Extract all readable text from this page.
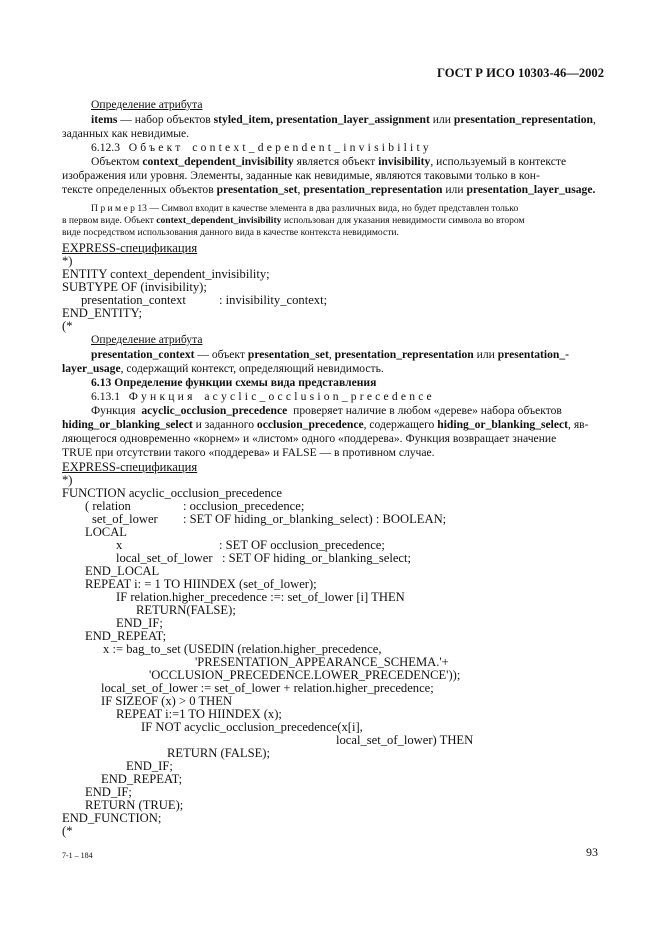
ГОСТ Р ИСО 10303-46—2002
Определение атрибута
items — набор объектов styled_item, presentation_layer_assignment или presentation_representation,
заданных как невидимые.
6.12.3 Объект context_dependent_invisibility
Объектом context_dependent_invisibility является объект invisibility, используемый в контексте
изображения или уровня. Элементы, заданные как невидимые, являются таковыми только в кон-
тексте определенных объектов presentation_set, presentation_representation или presentation_layer_usage.
П р и м е р 13 — Символ входит в качестве элемента в два различных вида, но будет представлен только
в первом виде. Объект context_dependent_invisibility использован для указания невидимости символа во втором
виде посредством использования данного вида в качестве контекста невидимости.
EXPRESS-спецификация
*)
ENTITY context_dependent_invisibility;
SUBTYPE OF (invisibility);
presentation_context	: invisibility_context;
END_ENTITY;
(*
Определение атрибута
presentation_context — объект presentation_set, presentation_representation или presentation_-
layer_usage, содержащий контекст, определяющий невидимость.
6.13 Определение функции схемы вида представления
6.13.1 Функция acyclic_occlusion_precedence
Функция  acyclic_occlusion_precedence  проверяет наличие в любом «дереве» набора объектов
hiding_or_blanking_select и заданного occlusion_precedence, содержащего hiding_or_blanking_select, яв-
ляющегося одновременно «корнем» и «листом» одного «поддерева». Функция возвращает значение
TRUE при отсутствии такого «поддерева» и FALSE — в противном случае.
EXPRESS-спецификация
*)
FUNCTION acyclic_occlusion_precedence
( relation	: occlusion_precedence;
set_of_lower : SET OF hiding_or_blanking_select) : BOOLEAN;
LOCAL
x	: SET OF occlusion_precedence;
local_set_of_lower : SET OF hiding_or_blanking_select;
END_LOCAL
REPEAT i: = 1 TO HIINDEX (set_of_lower);
IF relation.higher_precedence :=: set_of_lower [i] THEN
RETURN(FALSE);
END_IF;
END_REPEAT;
x := bag_to_set (USEDIN (relation.higher_precedence,
'PRESENTATION_APPEARANCE_SCHEMA.'+
'OCCLUSION_PRECEDENCE.LOWER_PRECEDENCE'));
local_set_of_lower := set_of_lower + relation.higher_precedence;
IF SIZEOF (x) > 0 THEN
REPEAT i:=1 TO HIINDEX (x);
IF NOT acyclic_occlusion_precedence(x[i],
local_set_of_lower) THEN
RETURN (FALSE);
END_IF;
END_REPEAT;
END_IF;
RETURN (TRUE);
END_FUNCTION;
(*
7-1 – 184	93
